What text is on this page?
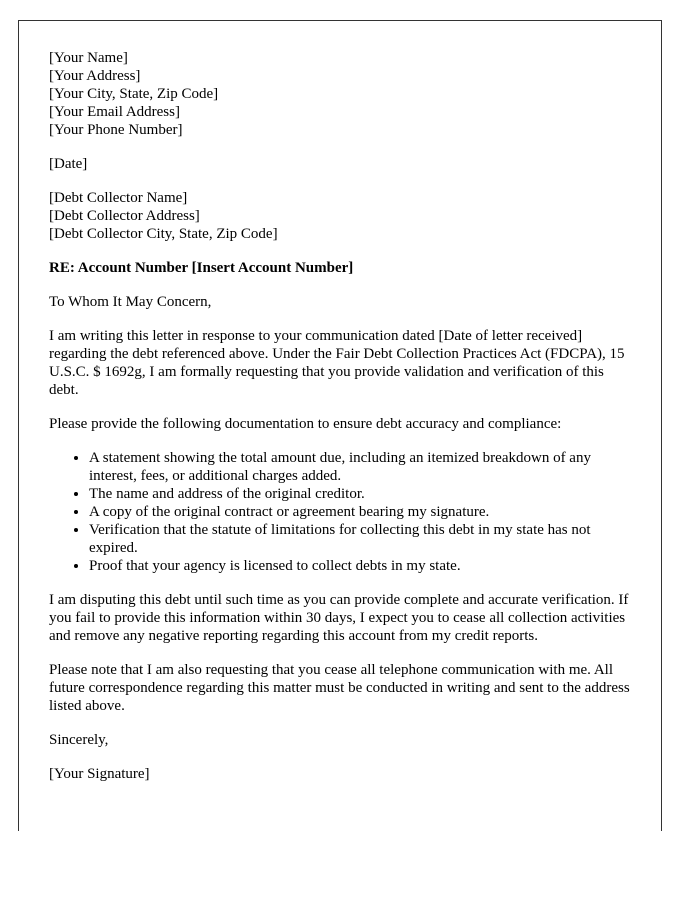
[Your Name]
[Your Address]
[Your City, State, Zip Code]
[Your Email Address]
[Your Phone Number]

[Date]

[Debt Collector Name]
[Debt Collector Address]
[Debt Collector City, State, Zip Code]

RE: Account Number [Insert Account Number]

To Whom It May Concern,

I am writing this letter in response to your communication dated [Date of letter received] regarding the debt referenced above. Under the Fair Debt Collection Practices Act (FDCPA), 15 U.S.C. $ 1692g, I am formally requesting that you provide validation and verification of this debt.

Please provide the following documentation to ensure debt accuracy and compliance:

• A statement showing the total amount due, including an itemized breakdown of any interest, fees, or additional charges added.
• The name and address of the original creditor.
• A copy of the original contract or agreement bearing my signature.
• Verification that the statute of limitations for collecting this debt in my state has not expired.
• Proof that your agency is licensed to collect debts in my state.

I am disputing this debt until such time as you can provide complete and accurate verification. If you fail to provide this information within 30 days, I expect you to cease all collection activities and remove any negative reporting regarding this account from my credit reports.

Please note that I am also requesting that you cease all telephone communication with me. All future correspondence regarding this matter must be conducted in writing and sent to the address listed above.

Sincerely,

[Your Signature]
